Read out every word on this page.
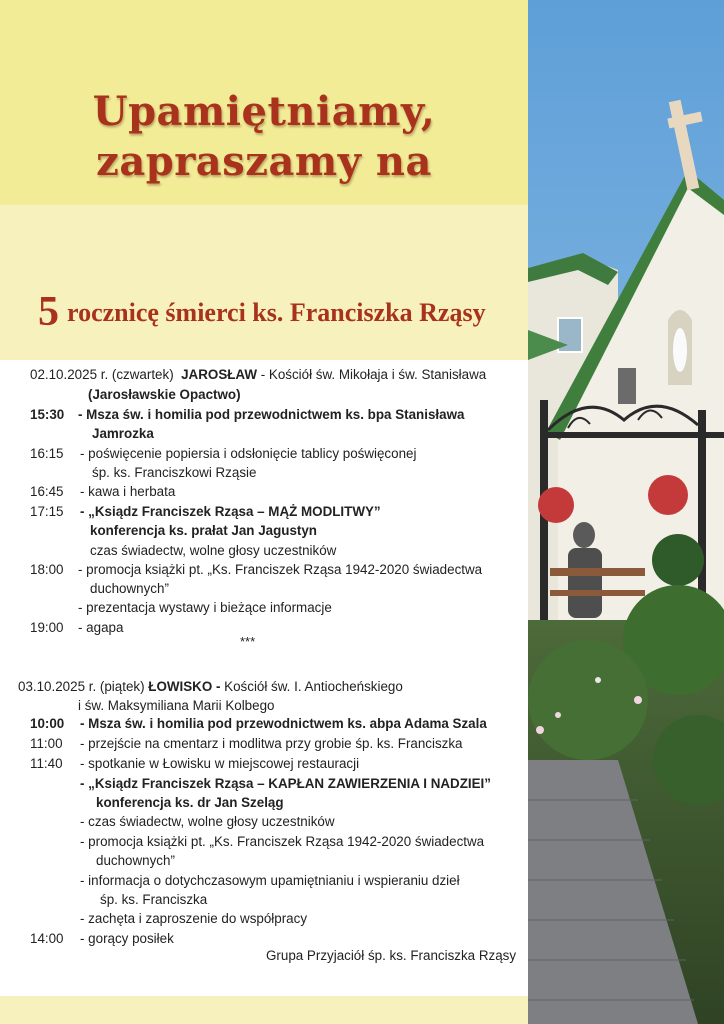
Upamiętniamy,
zapraszamy na
5 rocznicę śmierci ks. Franciszka Rząsy
02.10.2025 r. (czwartek) JAROSŁAW - Kościół św. Mikołaja i św. Stanisława
(Jarosławskie Opactwo)
15:30 - Msza św. i homilia pod przewodnictwem ks. bpa Stanisława
Jamrozka
16:15 - poświęcenie popiersia i odsłonięcie tablicy poświęconej
śp. ks. Franciszkowi Rząsie
16:45 - kawa i herbata
17:15 - „Ksiądz Franciszek Rząsa – MĄŻ MODLITWY”
konferencja ks. prałat Jan Jagustyn
czas świadectw, wolne głosy uczestników
18:00 - promocja książki pt. „Ks. Franciszek Rząsa 1942-2020 świadectwa
duchownych”
- prezentacja wystawy i bieżące informacje
19:00 - agapa
***
03.10.2025 r. (piątek) ŁOWISKO - Kościół św. I. Antiocheńskiego
i św. Maksymiliana Marii Kolbego
10:00 - Msza św. i homilia pod przewodnictwem ks. abpa Adama Szala
11:00 - przejście na cmentarz i modlitwa przy grobie śp. ks. Franciszka
11:40 - spotkanie w Łowisku w miejscowej restauracji
- „Ksiądz Franciszek Rząsa – KAPŁAN ZAWIERZENIA I NADZIEI”
konferencja ks. dr Jan Szeląg
- czas świadectw, wolne głosy uczestników
- promocja książki pt. „Ks. Franciszek Rząsa 1942-2020 świadectwa
duchownych”
- informacja o dotychczasowym upamiętnianiu i wspieraniu dzieł
śp. ks. Franciszka
- zachęta i zaproszenie do współpracy
14:00 - gorący posiłek
Grupa Przyjaciół śp. ks. Franciszka Rząsy
